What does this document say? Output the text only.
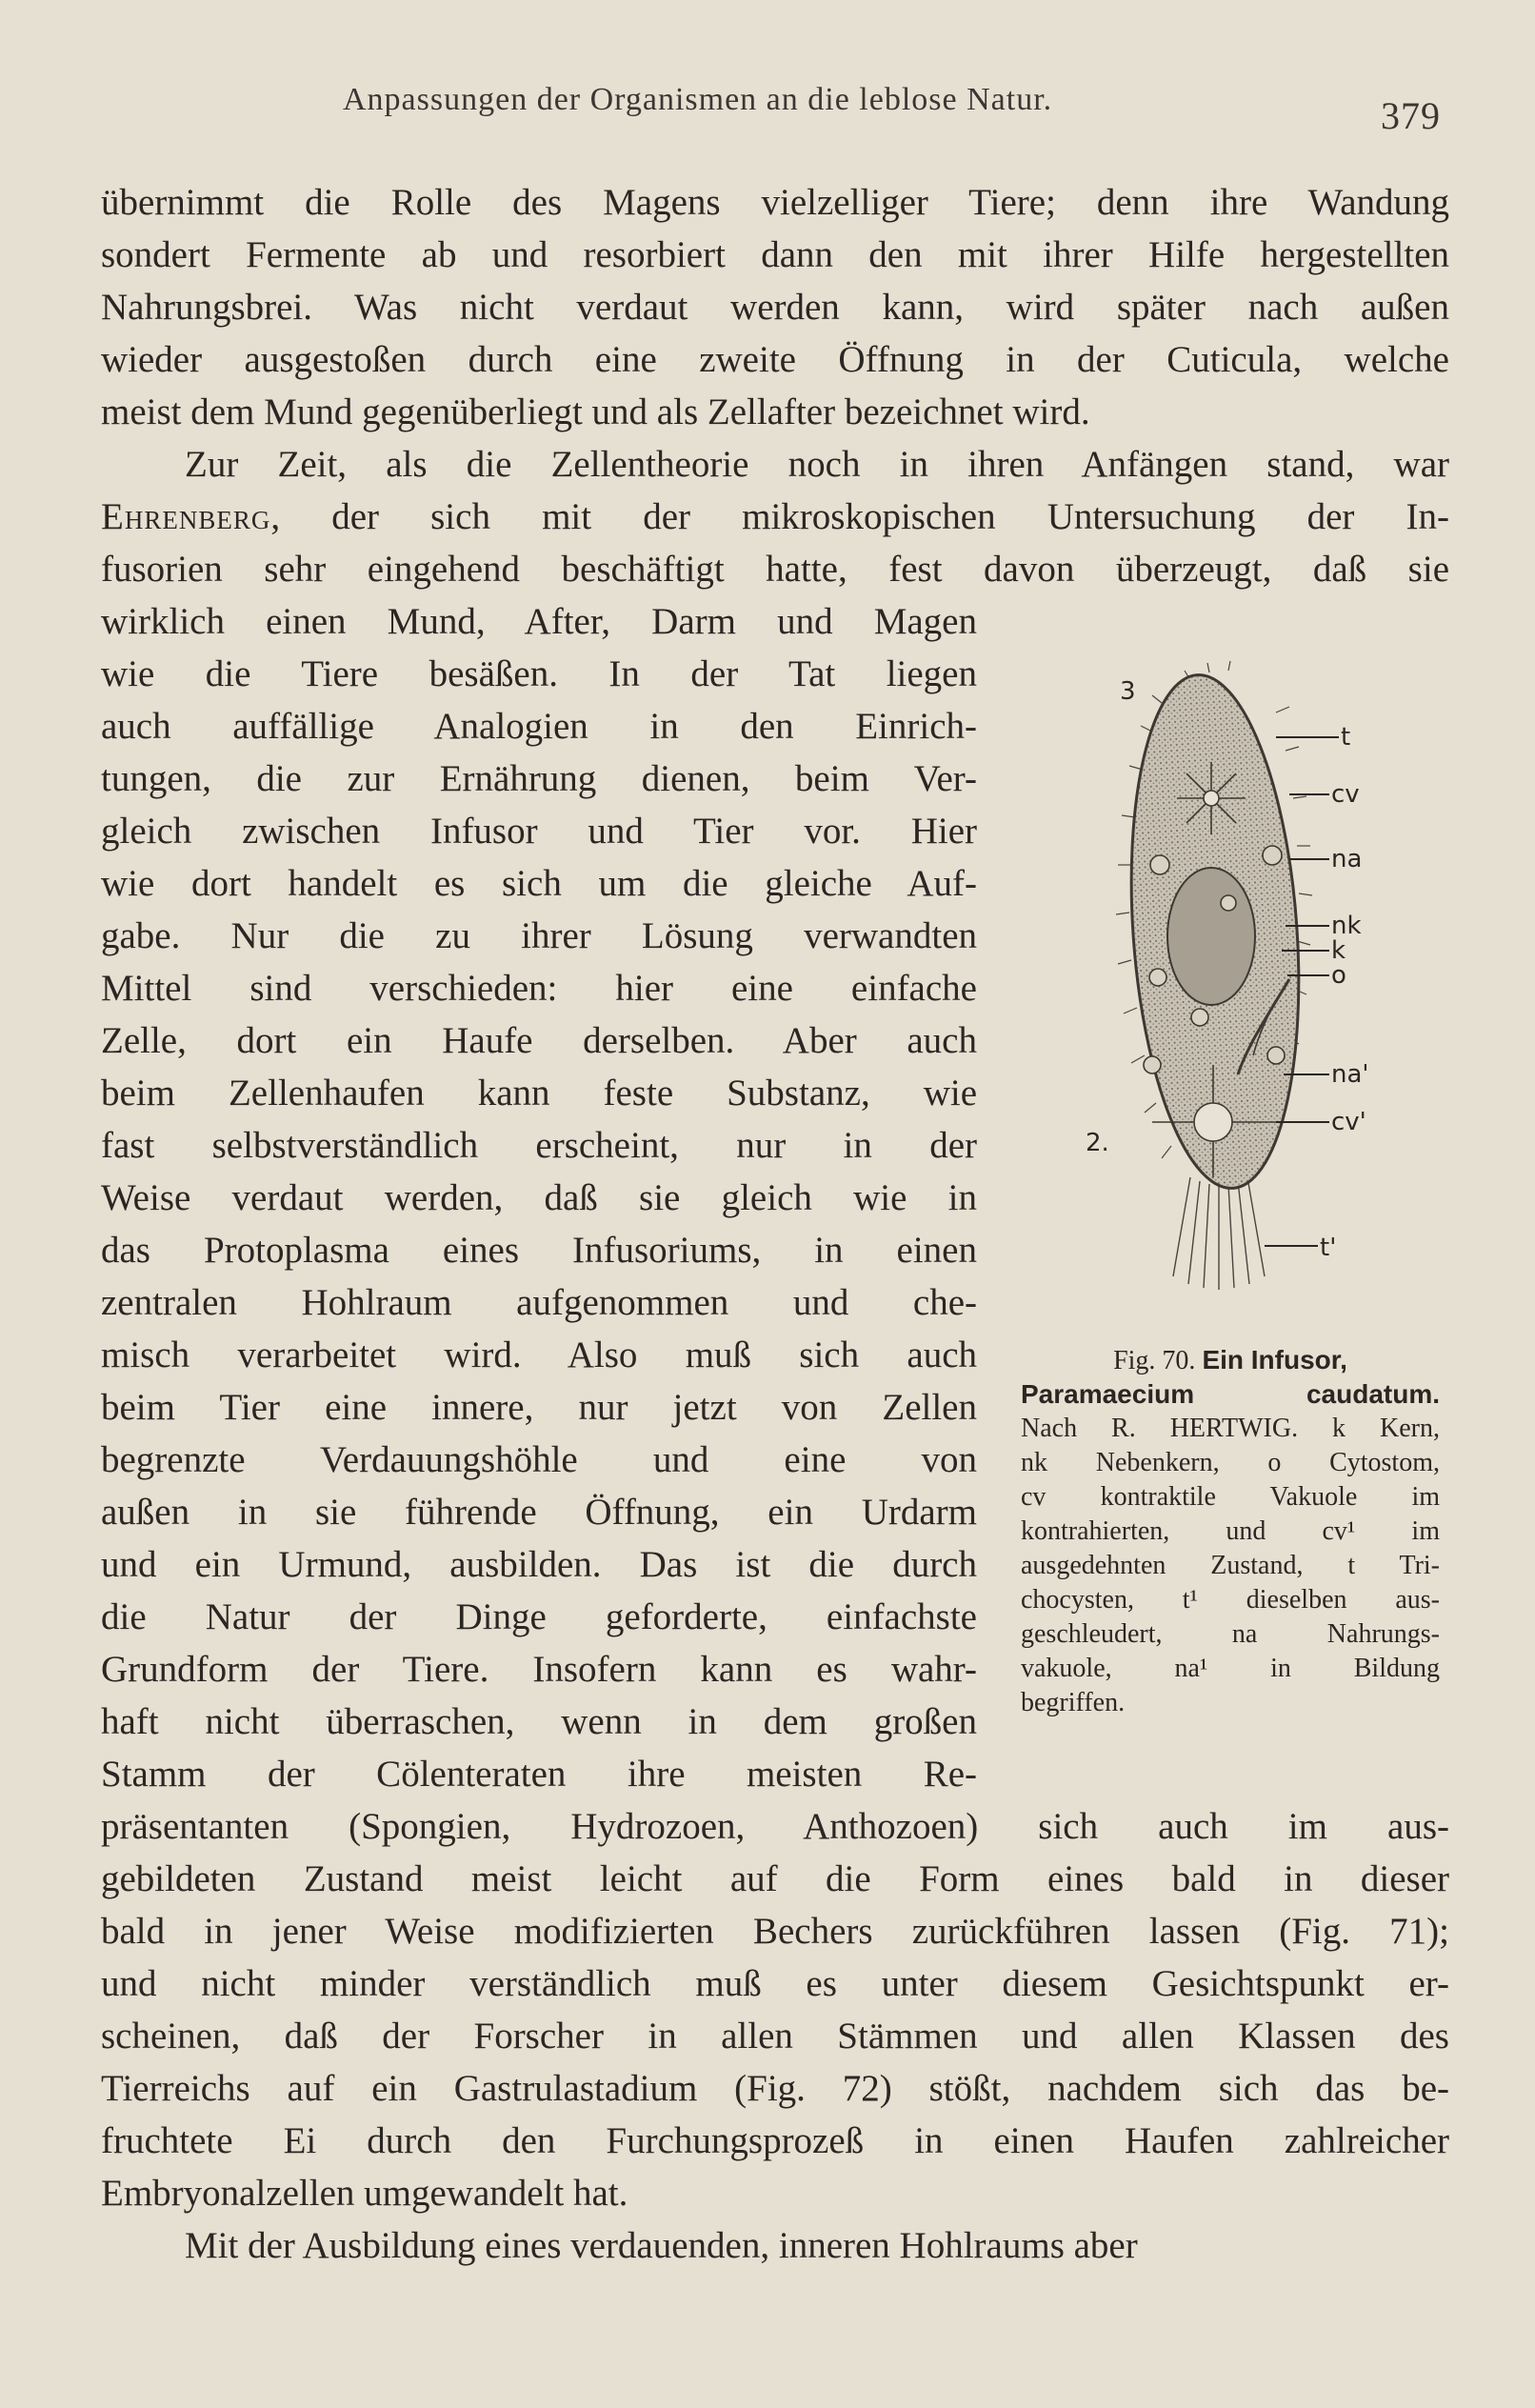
Anpassungen der Organismen an die leblose Natur.	379
übernimmt die Rolle des Magens vielzelliger Tiere; denn ihre Wandung
sondert Fermente ab und resorbiert dann den mit ihrer Hilfe hergestellten
Nahrungsbrei. Was nicht verdaut werden kann, wird später nach außen
wieder ausgestoßen durch eine zweite Öffnung in der Cuticula, welche
meist dem Mund gegenüberliegt und als Zellafter bezeichnet wird.
Zur Zeit, als die Zellentheorie noch in ihren Anfängen stand, war
Ehrenberg, der sich mit der mikroskopischen Untersuchung der In-
fusorien sehr eingehend beschäftigt hatte, fest davon überzeugt, daß sie
wirklich einen Mund, After, Darm und Magen
wie die Tiere besäßen. In der Tat liegen
auch auffällige Analogien in den Einrich-
tungen, die zur Ernährung dienen, beim Ver-
gleich zwischen Infusor und Tier vor. Hier
wie dort handelt es sich um die gleiche Auf-
gabe. Nur die zu ihrer Lösung verwandten
Mittel sind verschieden: hier eine einfache
Zelle, dort ein Haufe derselben. Aber auch
beim Zellenhaufen kann feste Substanz, wie
fast selbstverständlich erscheint, nur in der
Weise verdaut werden, daß sie gleich wie in
das Protoplasma eines Infusoriums, in einen
zentralen Hohlraum aufgenommen und che-
misch verarbeitet wird. Also muß sich auch
beim Tier eine innere, nur jetzt von Zellen
begrenzte Verdauungshöhle und eine von
außen in sie führende Öffnung, ein Urdarm
und ein Urmund, ausbilden. Das ist die durch
die Natur der Dinge geforderte, einfachste
Grundform der Tiere. Insofern kann es wahr-
haft nicht überraschen, wenn in dem großen
Stamm der Cölenteraten ihre meisten Re-
präsentanten (Spongien, Hydrozoen, Anthozoen) sich auch im aus-
gebildeten Zustand meist leicht auf die Form eines bald in dieser
bald in jener Weise modifizierten Bechers zurückführen lassen (Fig. 71);
und nicht minder verständlich muß es unter diesem Gesichtspunkt er-
scheinen, daß der Forscher in allen Stämmen und allen Klassen des
Tierreichs auf ein Gastrulastadium (Fig. 72) stößt, nachdem sich das be-
fruchtete Ei durch den Furchungsprozeß in einen Haufen zahlreicher
Embryonalzellen umgewandelt hat.
Mit der Ausbildung eines verdauenden, inneren Hohlraums aber
3
t
cv
na
nk
k
o
na'
cv'
2.
t'
Fig. 70. Ein Infusor,
Paramaecium caudatum.
Nach R. HERTWIG. k Kern,
nk Nebenkern, o Cytostom,
cv kontraktile Vakuole im
kontrahierten, und cv¹ im
ausgedehnten Zustand, t Tri-
chocysten, t¹ dieselben aus-
geschleudert, na Nahrungs-
vakuole, na¹ in Bildung
begriffen.
